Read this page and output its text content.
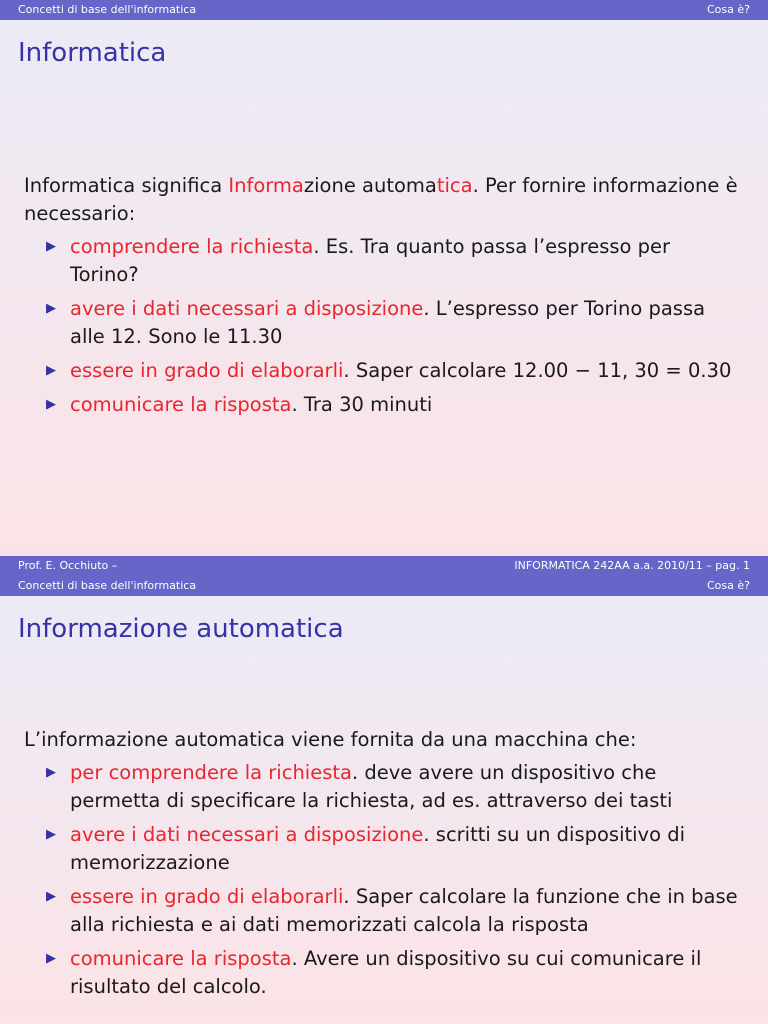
Concetti di base dell'informatica	Cosa è?
Informatica

Informatica significa Informazione automatica. Per fornire informazione è necessario:

▶ comprendere la richiesta. Es. Tra quanto passa l’espresso per Torino?
▶ avere i dati necessari a disposizione. L’espresso per Torino passa alle 12. Sono le 11.30
▶ essere in grado di elaborarli. Saper calcolare 12.00 − 11, 30 = 0.30
▶ comunicare la risposta. Tra 30 minuti
Prof. E. Occhiuto –	INFORMATICA 242AA a.a. 2010/11 – pag. 1
Concetti di base dell'informatica	Cosa è?
Informazione automatica

L’informazione automatica viene fornita da una macchina che:

▶ per comprendere la richiesta. deve avere un dispositivo che permetta di specificare la richiesta, ad es. attraverso dei tasti
▶ avere i dati necessari a disposizione. scritti su un dispositivo di memorizzazione
▶ essere in grado di elaborarli. Saper calcolare la funzione che in base alla richiesta e ai dati memorizzati calcola la risposta
▶ comunicare la risposta. Avere un dispositivo su cui comunicare il risultato del calcolo.
